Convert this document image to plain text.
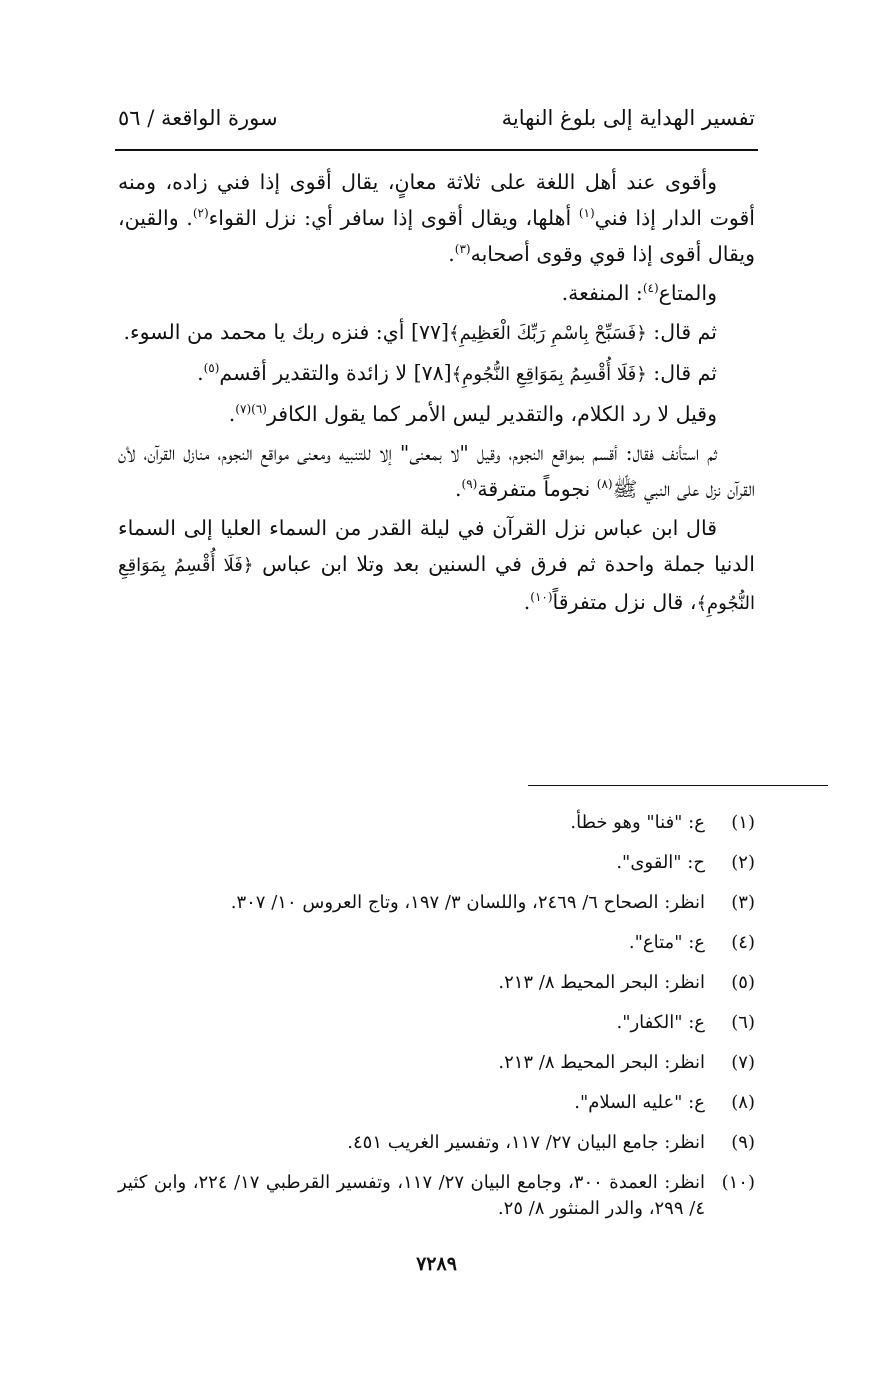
تفسير الهداية إلى بلوغ النهاية
سورة الواقعة / ٥٦

وأقوى عند أهل اللغة على ثلاثة معانٍ، يقال أقوى إذا فني زاده، ومنه أقوت الدار إذا فني$^{(١)}$ أهلها، ويقال أقوى إذا سافر أي: نزل القواء$^{(٢)}$. والقين، ويقال أقوى إذا قوي وقوى أصحابه$^{(٣)}$.

والمتاع$^{(٤)}$: المنفعة.

ثم قال: ﴿فَسَبِّحْ بِاسْمِ رَبِّكَ الْعَظِيمِ﴾[٧٧] أي: فنزه ربك يا محمد من السوء.

ثم قال: ﴿فَلَا أُقْسِمُ بِمَوَاقِعِ النُّجُومِ﴾[٧٨] لا زائدة والتقدير أقسم$^{(٥)}$.

وقيل لا رد الكلام، والتقدير ليس الأمر كما يقول الكافر$^{(٦)(٧)}$.

ثم استأنف فقال: أقسم بمواقع النجوم، وقيل "لا بمعنى" إلا للتنبيه ومعنى مواقع النجوم، منازل القرآن، لأن القرآن نزل على النبي ﷺ$^{(٨)}$ نجوماً متفرقة$^{(٩)}$.

قال ابن عباس نزل القرآن في ليلة القدر من السماء العليا إلى السماء الدنيا جملة واحدة ثم فرق في السنين بعد وتلا ابن عباس ﴿فَلَا أُقْسِمُ بِمَوَاقِعِ النُّجُومِ﴾، قال نزل متفرقاً$^{(١٠)}$.

(١)
ع: "فنا" وهو خطأ.
(٢)
ح: "القوى".
(٣)
انظر: الصحاح ٦/ ٢٤٦٩، واللسان ٣/ ١٩٧، وتاج العروس ١٠/ ٣٠٧.
(٤)
ع: "متاع".
(٥)
انظر: البحر المحيط ٨/ ٢١٣.
(٦)
ع: "الكفار".
(٧)
انظر: البحر المحيط ٨/ ٢١٣.
(٨)
ع: "عليه السلام".
(٩)
انظر: جامع البيان ٢٧/ ١١٧، وتفسير الغريب ٤٥١.
(١٠)
انظر: العمدة ٣٠٠، وجامع البيان ٢٧/ ١١٧، وتفسير القرطبي ١٧/ ٢٢٤، وابن كثير ٤/ ٢٩٩، والدر المنثور ٨/ ٢٥.
٧٢٨٩
